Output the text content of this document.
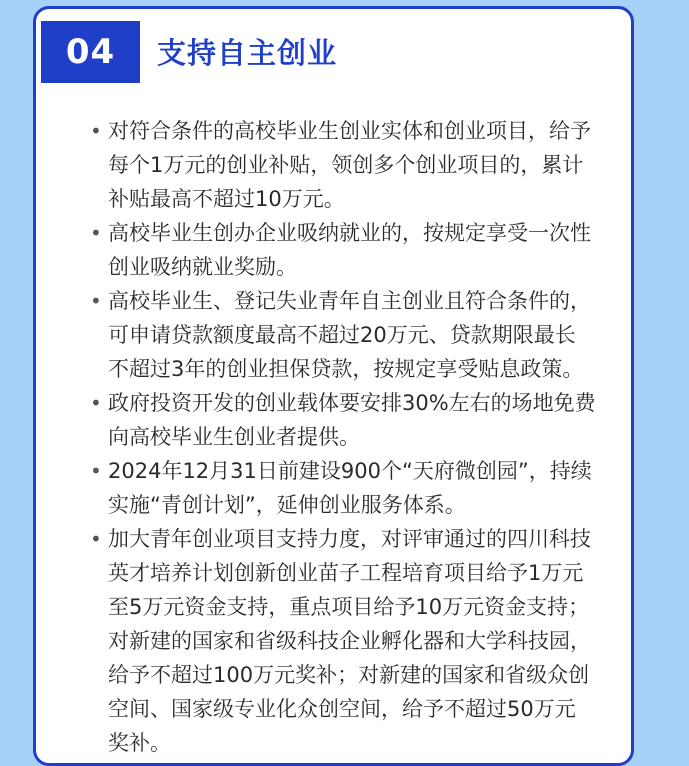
04	支持自主创业
• 对符合条件的高校毕业生创业实体和创业项目，给予
每个1万元的创业补贴，领创多个创业项目的，累计
补贴最高不超过10万元。
• 高校毕业生创办企业吸纳就业的，按规定享受一次性
创业吸纳就业奖励。
• 高校毕业生、登记失业青年自主创业且符合条件的，
可申请贷款额度最高不超过20万元、贷款期限最长
不超过3年的创业担保贷款，按规定享受贴息政策。
• 政府投资开发的创业载体要安排30%左右的场地免费
向高校毕业生创业者提供。
• 2024年12月31日前建设900个“天府微创园”，持续
实施“青创计划”，延伸创业服务体系。
• 加大青年创业项目支持力度，对评审通过的四川科技
英才培养计划创新创业苗子工程培育项目给予1万元
至5万元资金支持，重点项目给予10万元资金支持；
对新建的国家和省级科技企业孵化器和大学科技园，
给予不超过100万元奖补；对新建的国家和省级众创
空间、国家级专业化众创空间，给予不超过50万元
奖补。
